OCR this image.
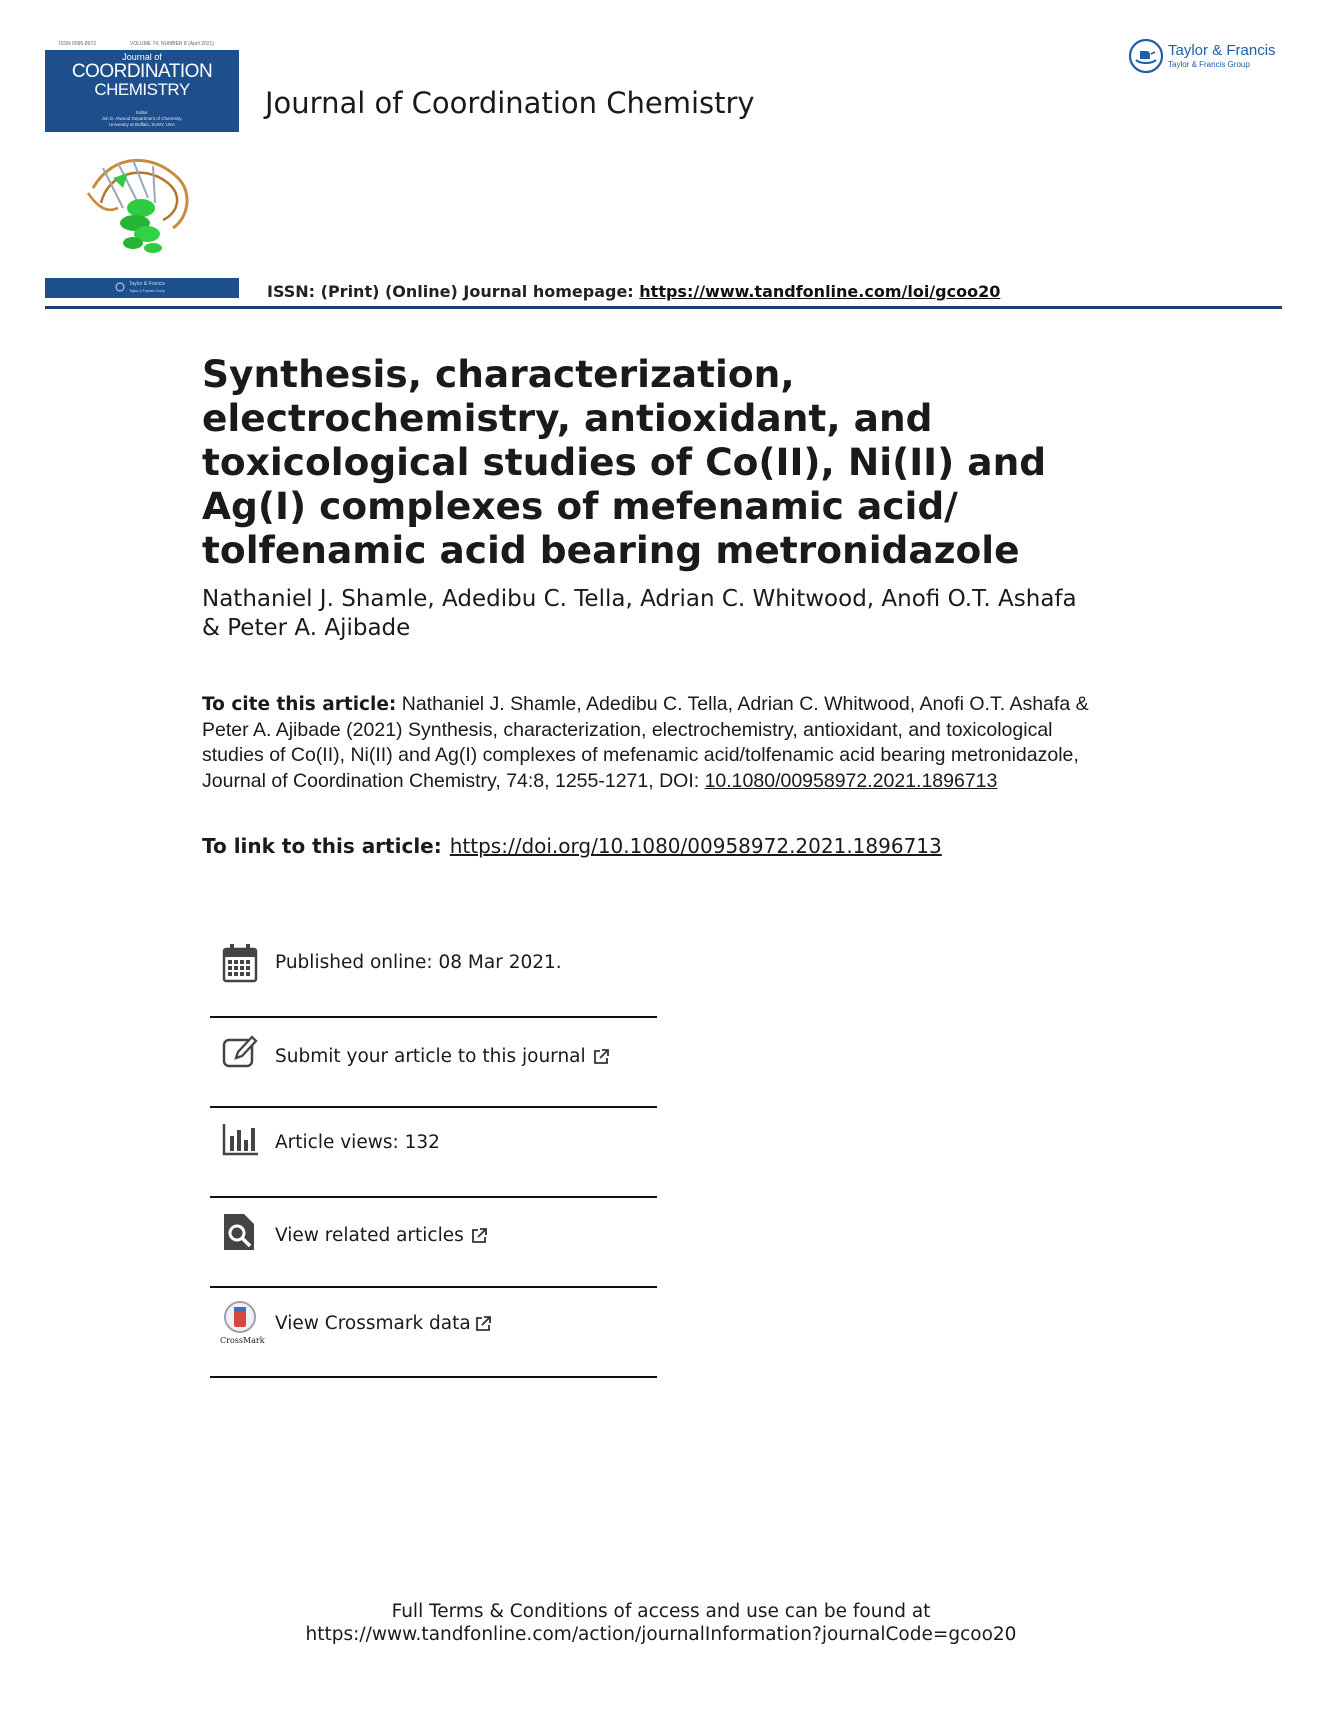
ISSN 0095-8972	VOLUME 74, NUMBER 8 (April 2021)
Journal of
COORDINATION
CHEMISTRY
Editor
Jim D. Atwood Department of Chemistry,
University at Buffalo, SUNY, USA
Taylor & Francis
Taylor & Francis Group
Journal of Coordination Chemistry
Taylor & Francis
Taylor & Francis Group
ISSN: (Print) (Online) Journal homepage: https://www.tandfonline.com/loi/gcoo20
Synthesis, characterization, electrochemistry, antioxidant, and toxicological studies of Co(II), Ni(II) and Ag(I) complexes of mefenamic acid/ tolfenamic acid bearing metronidazole
Nathaniel J. Shamle, Adedibu C. Tella, Adrian C. Whitwood, Anofi O.T. Ashafa
& Peter A. Ajibade
To cite this article: Nathaniel J. Shamle, Adedibu C. Tella, Adrian C. Whitwood, Anofi O.T. Ashafa & Peter A. Ajibade (2021) Synthesis, characterization, electrochemistry, antioxidant, and toxicological studies of Co(II), Ni(II) and Ag(I) complexes of mefenamic acid/tolfenamic acid bearing metronidazole, Journal of Coordination Chemistry, 74:8, 1255-1271, DOI: 10.1080/00958972.2021.1896713
To link to this article: https://doi.org/10.1080/00958972.2021.1896713
Published online: 08 Mar 2021.
Submit your article to this journal
Article views: 132
View related articles
CrossMark
View Crossmark data
Full Terms & Conditions of access and use can be found at
https://www.tandfonline.com/action/journalInformation?journalCode=gcoo20
